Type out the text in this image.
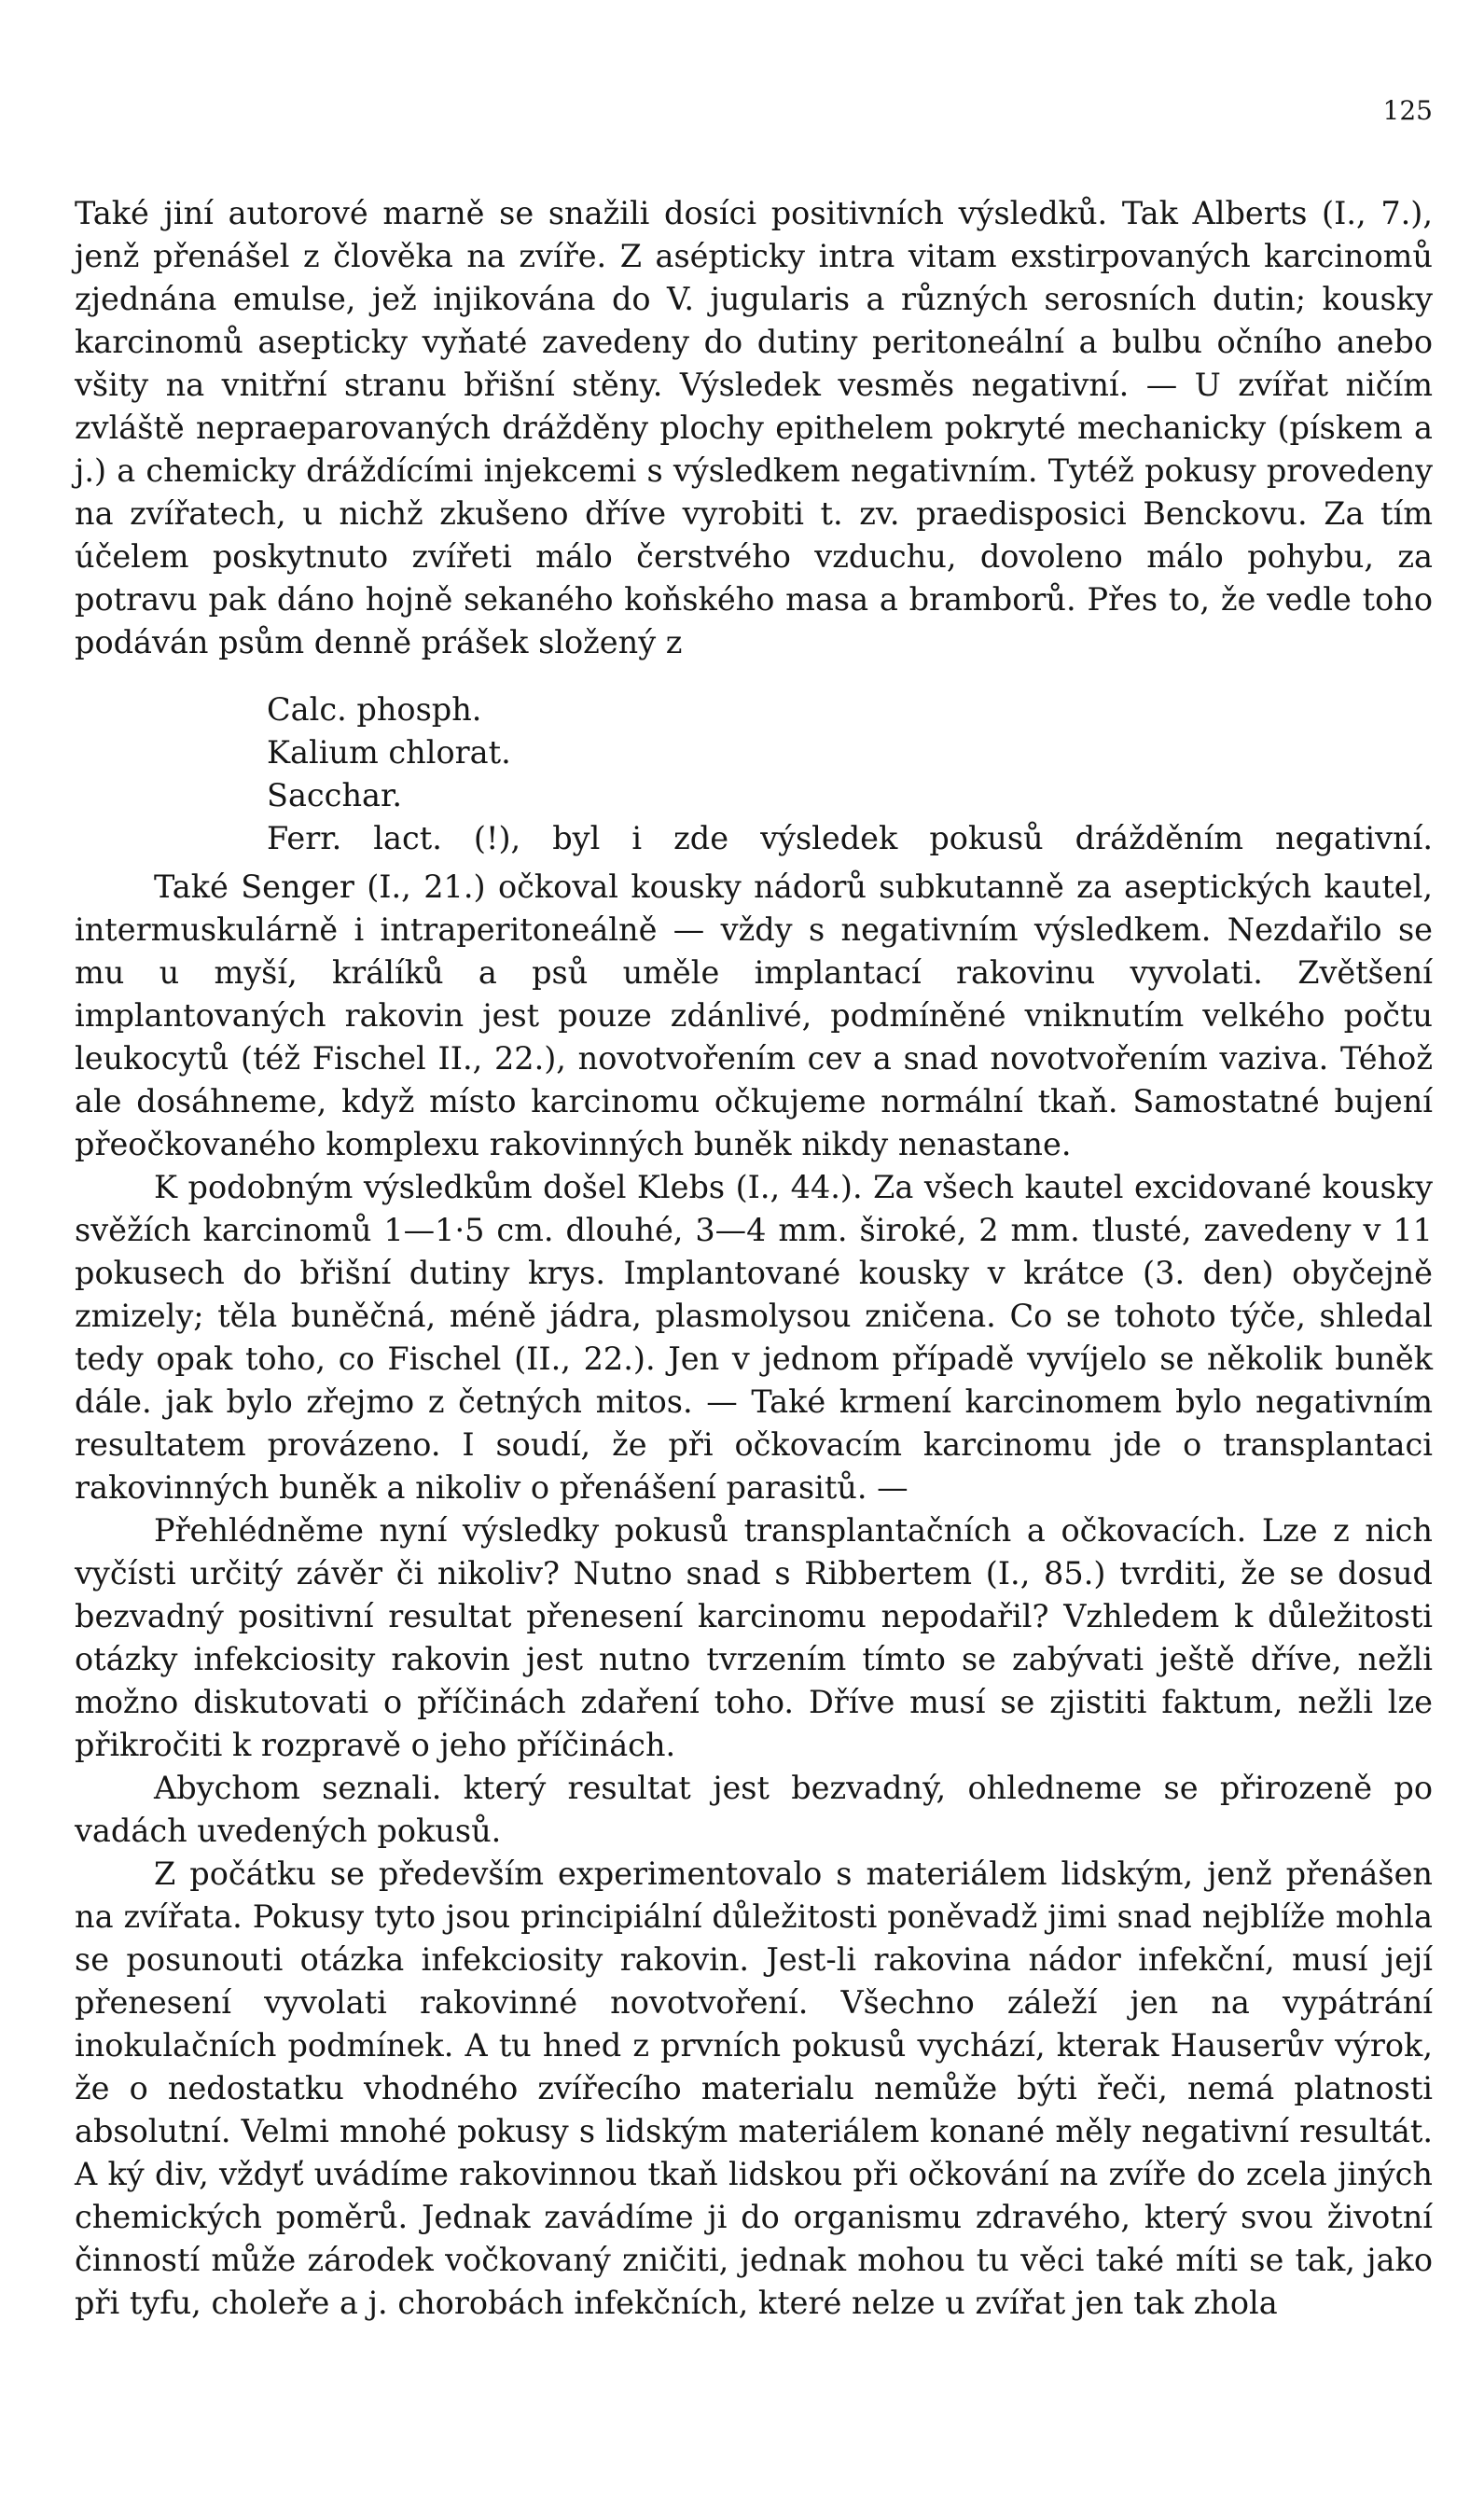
125

Také jiní autorové marně se snažili dosíci positivních výsledků. Tak Alberts (I., 7.), jenž přenášel z člověka na zvíře. Z asépticky intra vitam exstirpovaných karcinomů zjednána emulse, jež injikována do V. jugularis a různých serosních dutin; kousky karcinomů asepticky vyňaté zavedeny do dutiny peritoneální a bulbu očního anebo všity na vnitřní stranu břišní stěny. Výsledek vesměs negativní. — U zvířat ničím zvláště nepraeparovaných drážděny plochy epithelem pokryté mechanicky (pískem a j.) a chemicky dráždícími injekcemi s výsledkem negativním. Tytéž pokusy provedeny na zvířatech, u nichž zkušeno dříve vyrobiti t. zv. praedisposici Benckovu. Za tím účelem poskytnuto zvířeti málo čerstvého vzduchu, dovoleno málo pohybu, za potravu pak dáno hojně sekaného koňského masa a bramborů. Přes to, že vedle toho podáván psům denně prášek složený z

Calc. phosph.
Kalium chlorat.
Sacchar.
Ferr. lact. (!), byl i zde výsledek pokusů drážděním negativní.

Také Senger (I., 21.) očkoval kousky nádorů subkutanně za aseptických kautel, intermuskulárně i intraperitoneálně — vždy s negativním výsledkem. Nezdařilo se mu u myší, králíků a psů uměle implantací rakovinu vyvolati. Zvětšení implantovaných rakovin jest pouze zdánlivé, podmíněné vniknutím velkého počtu leukocytů (též Fischel II., 22.), novotvořením cev a snad novotvořením vaziva. Téhož ale dosáhneme, když místo karcinomu očkujeme normální tkaň. Samostatné bujení přeočkovaného komplexu rakovinných buněk nikdy nenastane.

K podobným výsledkům došel Klebs (I., 44.). Za všech kautel excidované kousky svěžích karcinomů 1—1·5 cm. dlouhé, 3—4 mm. široké, 2 mm. tlusté, zavedeny v 11 pokusech do břišní dutiny krys. Implantované kousky v krátce (3. den) obyčejně zmizely; těla buněčná, méně jádra, plasmolysou zničena. Co se tohoto týče, shledal tedy opak toho, co Fischel (II., 22.). Jen v jednom případě vyvíjelo se několik buněk dále. jak bylo zřejmo z četných mitos. — Také krmení karcinomem bylo negativním resultatem provázeno. I soudí, že při očkovacím karcinomu jde o transplantaci rakovinných buněk a nikoliv o přenášení parasitů. —

Přehlédněme nyní výsledky pokusů transplantačních a očkovacích. Lze z nich vyčísti určitý závěr či nikoliv? Nutno snad s Ribbertem (I., 85.) tvrditi, že se dosud bezvadný positivní resultat přenesení karcinomu nepodařil? Vzhledem k důležitosti otázky infekciosity rakovin jest nutno tvrzením tímto se zabývati ještě dříve, nežli možno diskutovati o příčinách zdaření toho. Dříve musí se zjistiti faktum, nežli lze přikročiti k rozpravě o jeho příčinách.

Abychom seznali. který resultat jest bezvadný, ohledneme se přirozeně po vadách uvedených pokusů.

Z počátku se především experimentovalo s materiálem lidským, jenž přenášen na zvířata. Pokusy tyto jsou principiální důležitosti poněvadž jimi snad nejblíže mohla se posunouti otázka infekciosity rakovin. Jest-li rakovina nádor infekční, musí její přenesení vyvolati rakovinné novotvoření. Všechno záleží jen na vypátrání inokulačních podmínek. A tu hned z prvních pokusů vychází, kterak Hauserův výrok, že o nedostatku vhodného zvířecího materialu nemůže býti řeči, nemá platnosti absolutní. Velmi mnohé pokusy s lidským materiálem konané měly negativní resultát. A ký div, vždyť uvádíme rakovinnou tkaň lidskou při očkování na zvíře do zcela jiných chemických poměrů. Jednak zavádíme ji do organismu zdravého, který svou životní činností může zárodek vočkovaný zničiti, jednak mohou tu věci také míti se tak, jako při tyfu, choleře a j. chorobách infekčních, které nelze u zvířat jen tak zhola
